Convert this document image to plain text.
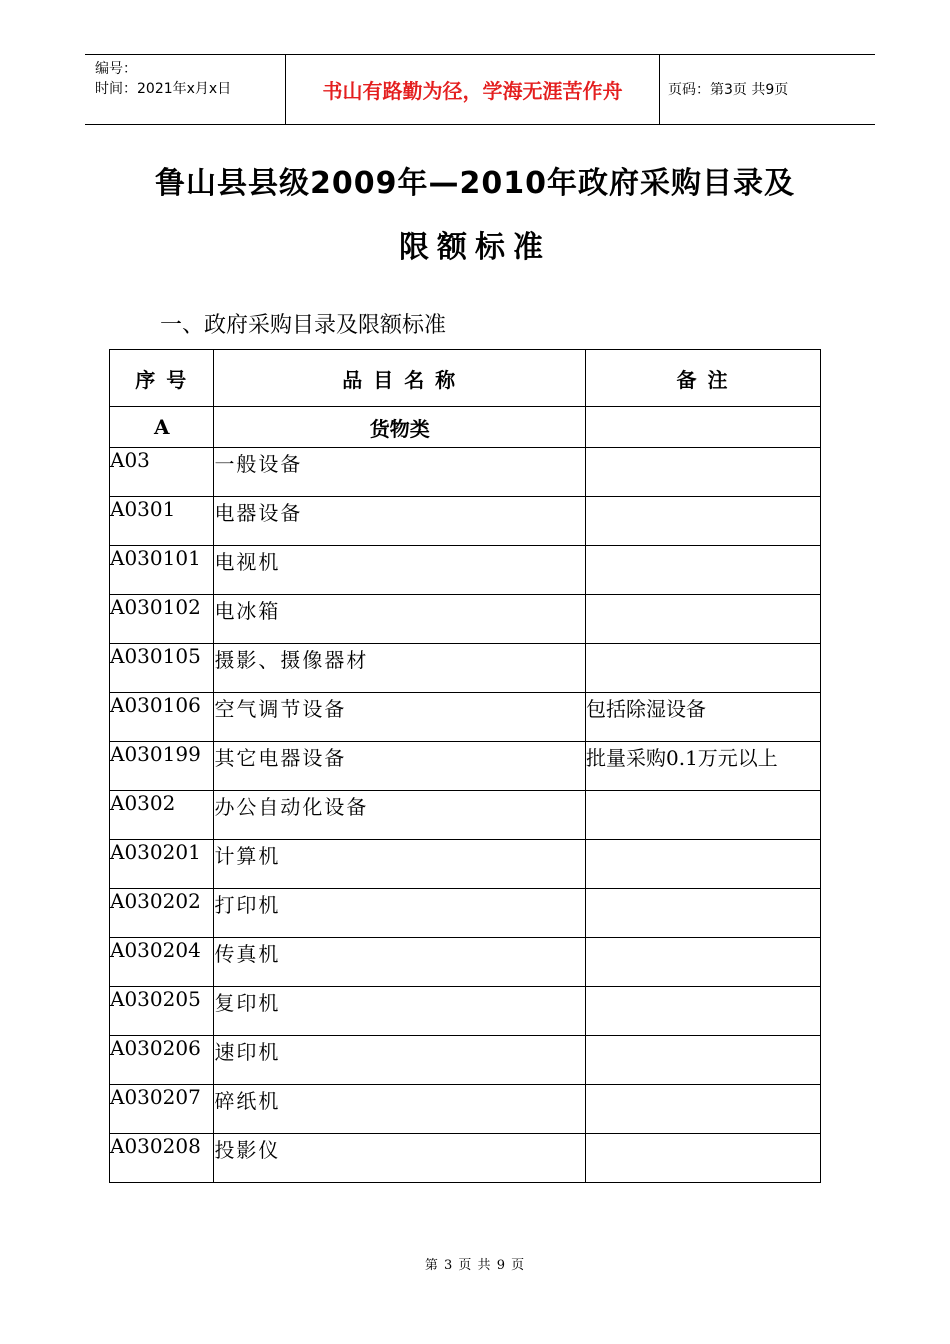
编号：
时间：2021年x月x日	书山有路勤为径，学海无涯苦作舟	页码：第3页 共9页
鲁山县县级2009年—2010年政府采购目录及
限额标准
一、政府采购目录及限额标准
序 号	品 目 名 称	备 注
A	货物类	
A03	一般设备	
A0301	电器设备	
A030101	电视机	
A030102	电冰箱	
A030105	摄影、摄像器材	
A030106	空气调节设备	包括除湿设备
A030199	其它电器设备	批量采购0.1万元以上
A0302	办公自动化设备	
A030201	计算机	
A030202	打印机	
A030204	传真机	
A030205	复印机	
A030206	速印机	
A030207	碎纸机	
A030208	投影仪	
第 3 页 共 9 页
